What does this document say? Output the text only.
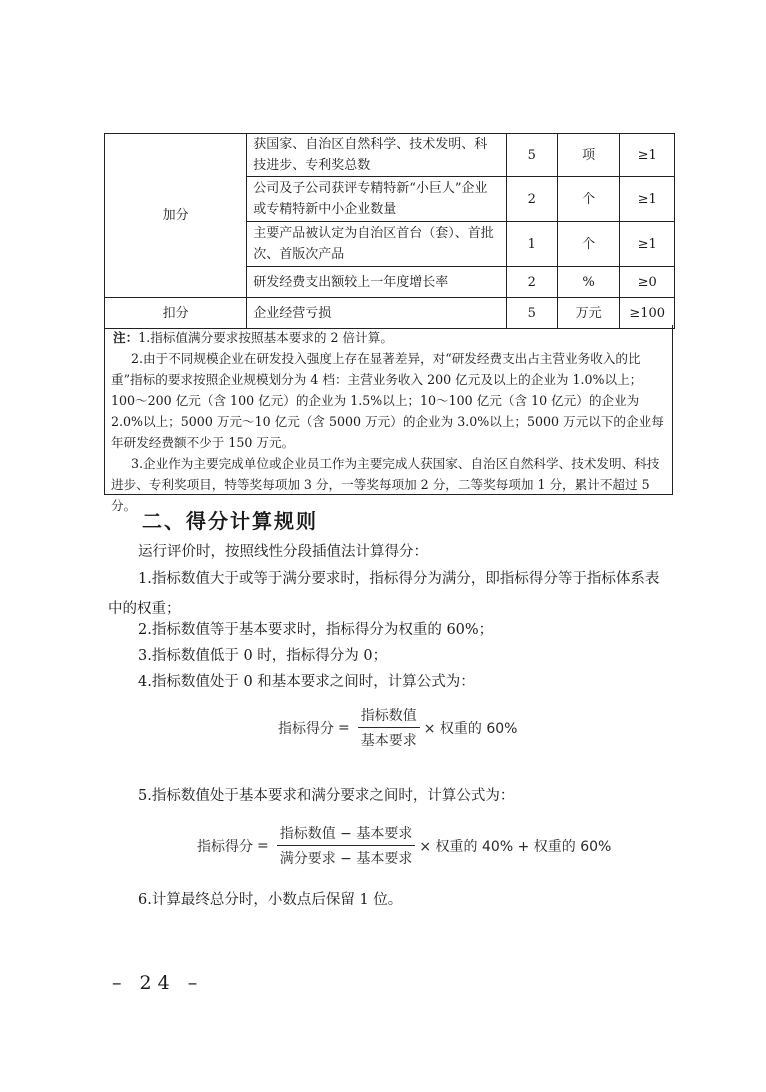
加分	获国家、自治区自然科学、技术发明、科技进步、专利奖总数	5	项	≥1
	公司及子公司获评专精特新“小巨人”企业或专精特新中小企业数量	2	个	≥1
	主要产品被认定为自治区首台（套）、首批次、首版次产品	1	个	≥1
	研发经费支出额较上一年度增长率	2	%	≥0
扣分	企业经营亏损	5	万元	≥100

注：1.指标值满分要求按照基本要求的 2 倍计算。

2.由于不同规模企业在研发投入强度上存在显著差异，对“研发经费支出占主营业务收入的比重”指标的要求按照企业规模划分为 4 档：主营业务收入 200 亿元及以上的企业为 1.0%以上；100～200 亿元（含 100 亿元）的企业为 1.5%以上；10～100 亿元（含 10 亿元）的企业为 2.0%以上；5000 万元～10 亿元（含 5000 万元）的企业为 3.0%以上；5000 万元以下的企业每年研发经费额不少于 150 万元。

3.企业作为主要完成单位或企业员工作为主要完成人获国家、自治区自然科学、技术发明、科技进步、专利奖项目，特等奖每项加 3 分，一等奖每项加 2 分，二等奖每项加 1 分，累计不超过 5 分。

二、得分计算规则

运行评价时，按照线性分段插值法计算得分：

1.指标数值大于或等于满分要求时，指标得分为满分，即指标得分等于指标体系表中的权重；

2.指标数值等于基本要求时，指标得分为权重的 60%；

3.指标数值低于 0 时，指标得分为 0；

4.指标数值处于 0 和基本要求之间时，计算公式为：

指标得分 = $\frac{\text{指标数值}}{\text{基本要求}}$ × 权重的 60%

5.指标数值处于基本要求和满分要求之间时，计算公式为：

指标得分 = $\frac{\text{指标数值 − 基本要求}}{\text{满分要求 − 基本要求}}$ × 权重的 40% + 权重的 60%

6.计算最终总分时，小数点后保留 1 位。

– 24 –
